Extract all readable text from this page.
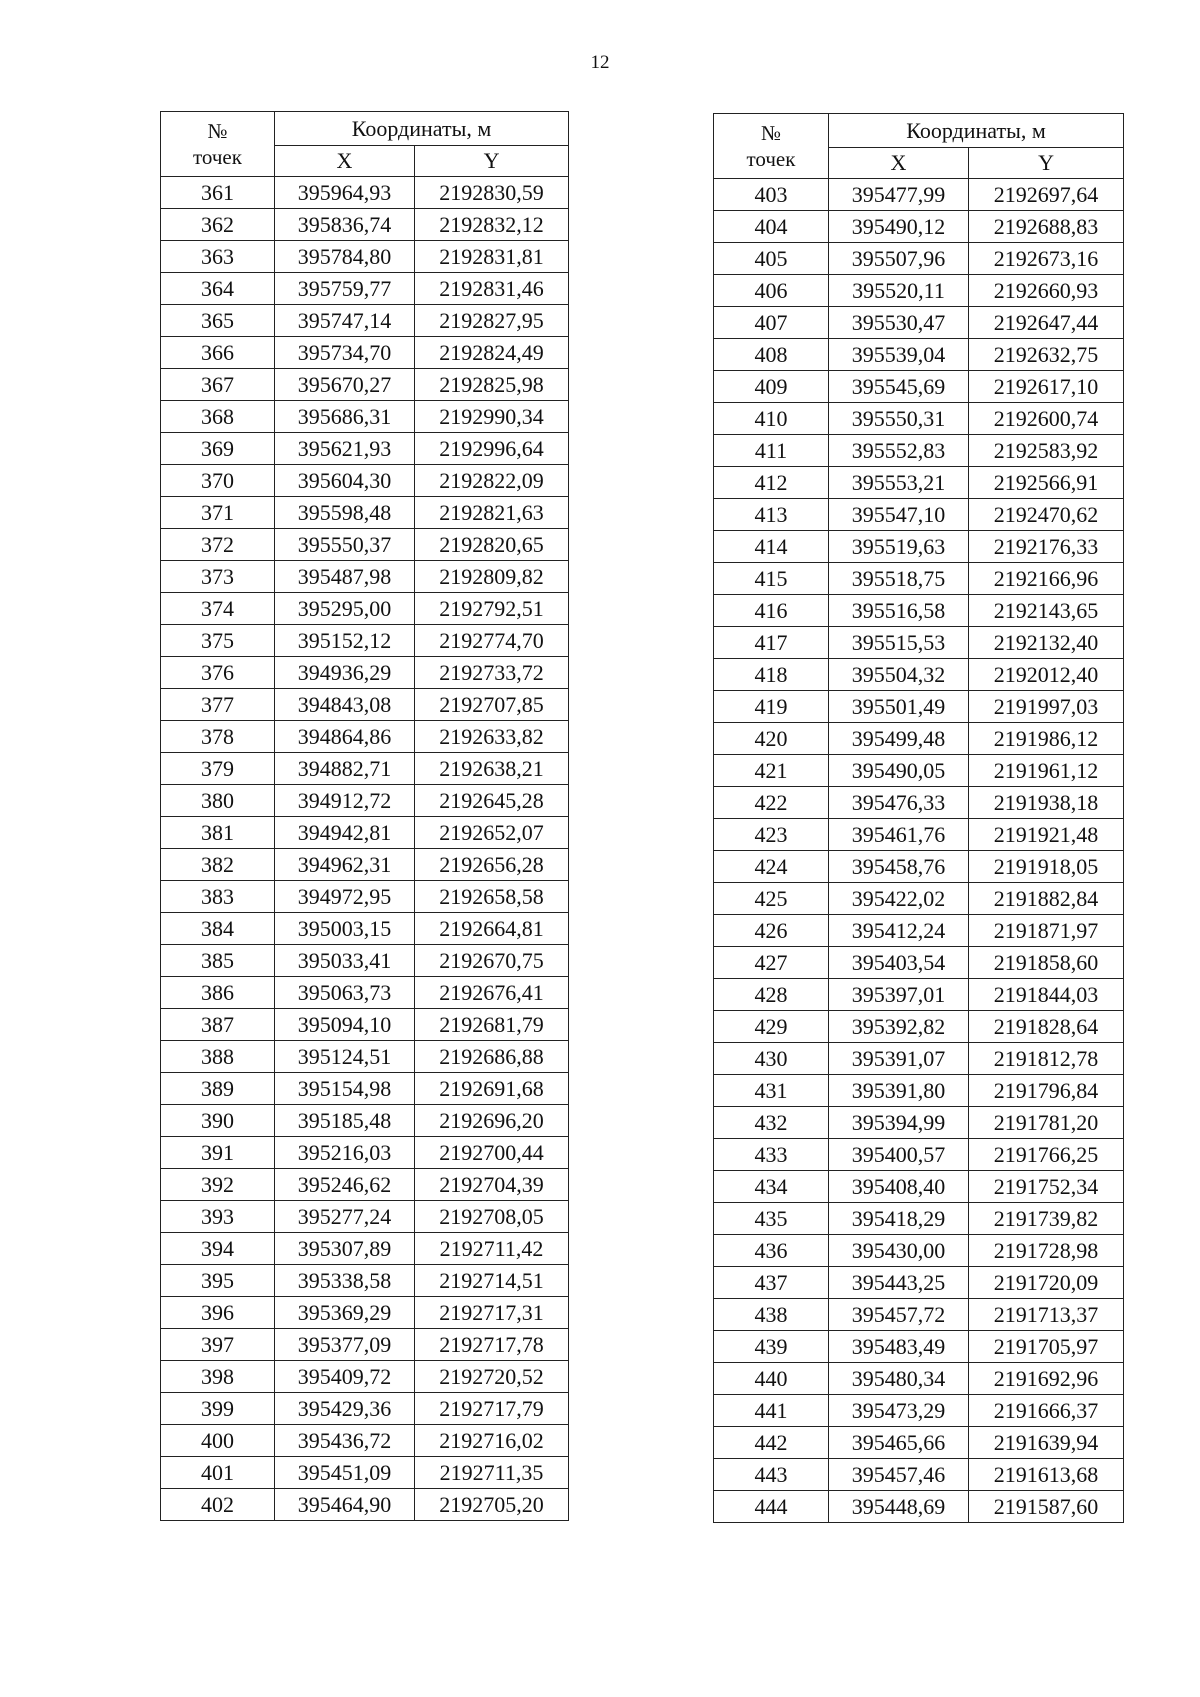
12
№
точек	Координаты, м	
	X	Y
361	395964,93	2192830,59
362	395836,74	2192832,12
363	395784,80	2192831,81
364	395759,77	2192831,46
365	395747,14	2192827,95
366	395734,70	2192824,49
367	395670,27	2192825,98
368	395686,31	2192990,34
369	395621,93	2192996,64
370	395604,30	2192822,09
371	395598,48	2192821,63
372	395550,37	2192820,65
373	395487,98	2192809,82
374	395295,00	2192792,51
375	395152,12	2192774,70
376	394936,29	2192733,72
377	394843,08	2192707,85
378	394864,86	2192633,82
379	394882,71	2192638,21
380	394912,72	2192645,28
381	394942,81	2192652,07
382	394962,31	2192656,28
383	394972,95	2192658,58
384	395003,15	2192664,81
385	395033,41	2192670,75
386	395063,73	2192676,41
387	395094,10	2192681,79
388	395124,51	2192686,88
389	395154,98	2192691,68
390	395185,48	2192696,20
391	395216,03	2192700,44
392	395246,62	2192704,39
393	395277,24	2192708,05
394	395307,89	2192711,42
395	395338,58	2192714,51
396	395369,29	2192717,31
397	395377,09	2192717,78
398	395409,72	2192720,52
399	395429,36	2192717,79
400	395436,72	2192716,02
401	395451,09	2192711,35
402	395464,90	2192705,20
№
точек	Координаты, м	
	X	Y
403	395477,99	2192697,64
404	395490,12	2192688,83
405	395507,96	2192673,16
406	395520,11	2192660,93
407	395530,47	2192647,44
408	395539,04	2192632,75
409	395545,69	2192617,10
410	395550,31	2192600,74
411	395552,83	2192583,92
412	395553,21	2192566,91
413	395547,10	2192470,62
414	395519,63	2192176,33
415	395518,75	2192166,96
416	395516,58	2192143,65
417	395515,53	2192132,40
418	395504,32	2192012,40
419	395501,49	2191997,03
420	395499,48	2191986,12
421	395490,05	2191961,12
422	395476,33	2191938,18
423	395461,76	2191921,48
424	395458,76	2191918,05
425	395422,02	2191882,84
426	395412,24	2191871,97
427	395403,54	2191858,60
428	395397,01	2191844,03
429	395392,82	2191828,64
430	395391,07	2191812,78
431	395391,80	2191796,84
432	395394,99	2191781,20
433	395400,57	2191766,25
434	395408,40	2191752,34
435	395418,29	2191739,82
436	395430,00	2191728,98
437	395443,25	2191720,09
438	395457,72	2191713,37
439	395483,49	2191705,97
440	395480,34	2191692,96
441	395473,29	2191666,37
442	395465,66	2191639,94
443	395457,46	2191613,68
444	395448,69	2191587,60
